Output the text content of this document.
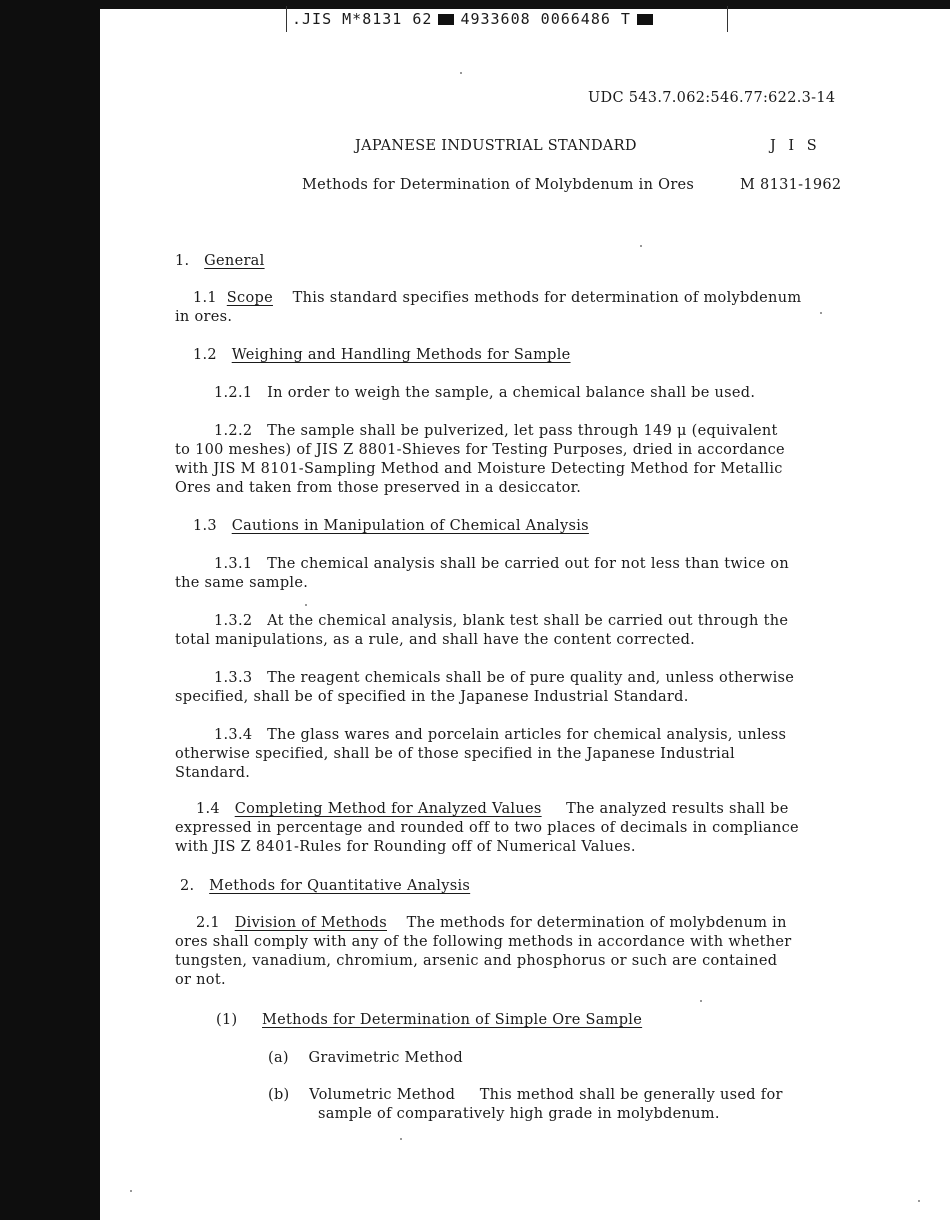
.JIS M*8131 62 4933608 0066486 T
UDC 543.7.062:546.77:622.3-14
JAPANESE INDUSTRIAL STANDARD	J I S
Methods for Determination of Molybdenum in Ores	M 8131-1962
1. General
1.1 Scope This standard specifies methods for determination of molybdenum
in ores.
1.2 Weighing and Handling Methods for Sample
1.2.1 In order to weigh the sample, a chemical balance shall be used.
1.2.2 The sample shall be pulverized, let pass through 149 μ (equivalent
to 100 meshes) of JIS Z 8801-Shieves for Testing Purposes, dried in accordance
with JIS M 8101-Sampling Method and Moisture Detecting Method for Metallic
Ores and taken from those preserved in a desiccator.
1.3 Cautions in Manipulation of Chemical Analysis
1.3.1 The chemical analysis shall be carried out for not less than twice on
the same sample.
1.3.2 At the chemical analysis, blank test shall be carried out through the
total manipulations, as a rule, and shall have the content corrected.
1.3.3 The reagent chemicals shall be of pure quality and, unless otherwise
specified, shall be of specified in the Japanese Industrial Standard.
1.3.4 The glass wares and porcelain articles for chemical analysis, unless
otherwise specified, shall be of those specified in the Japanese Industrial
Standard.
1.4 Completing Method for Analyzed Values The analyzed results shall be
expressed in percentage and rounded off to two places of decimals in compliance
with JIS Z 8401-Rules for Rounding off of Numerical Values.
2. Methods for Quantitative Analysis
2.1 Division of Methods The methods for determination of molybdenum in
ores shall comply with any of the following methods in accordance with whether
tungsten, vanadium, chromium, arsenic and phosphorus or such are contained
or not.
(1) Methods for Determination of Simple Ore Sample
(a) Gravimetric Method
(b) Volumetric Method This method shall be generally used for
sample of comparatively high grade in molybdenum.
